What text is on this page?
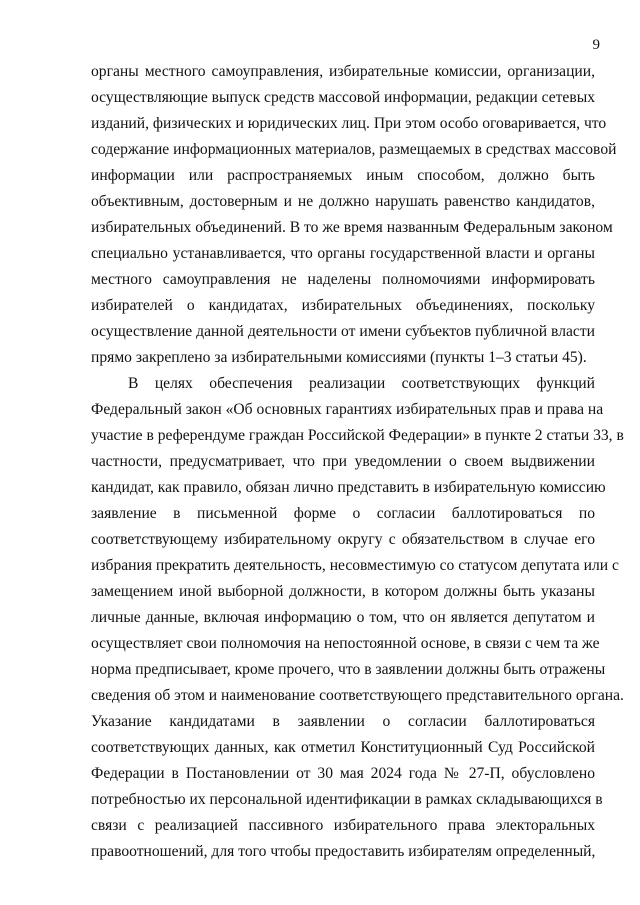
9
органы местного самоуправления, избирательные комиссии, организации,
осуществляющие выпуск средств массовой информации, редакции сетевых
изданий, физических и юридических лиц. При этом особо оговаривается, что
содержание информационных материалов, размещаемых в средствах массовой
информации или распространяемых иным способом, должно быть
объективным, достоверным и не должно нарушать равенство кандидатов,
избирательных объединений. В то же время названным Федеральным законом
специально устанавливается, что органы государственной власти и органы
местного самоуправления не наделены полномочиями информировать
избирателей о кандидатах, избирательных объединениях, поскольку
осуществление данной деятельности от имени субъектов публичной власти
прямо закреплено за избирательными комиссиями (пункты 1–3 статьи 45).
В целях обеспечения реализации соответствующих функций
Федеральный закон «Об основных гарантиях избирательных прав и права на
участие в референдуме граждан Российской Федерации» в пункте 2 статьи 33, в
частности, предусматривает, что при уведомлении о своем выдвижении
кандидат, как правило, обязан лично представить в избирательную комиссию
заявление в письменной форме о согласии баллотироваться по
соответствующему избирательному округу с обязательством в случае его
избрания прекратить деятельность, несовместимую со статусом депутата или с
замещением иной выборной должности, в котором должны быть указаны
личные данные, включая информацию о том, что он является депутатом и
осуществляет свои полномочия на непостоянной основе, в связи с чем та же
норма предписывает, кроме прочего, что в заявлении должны быть отражены
сведения об этом и наименование соответствующего представительного органа.
Указание кандидатами в заявлении о согласии баллотироваться
соответствующих данных, как отметил Конституционный Суд Российской
Федерации в Постановлении от 30 мая 2024 года № 27-П, обусловлено
потребностью их персональной идентификации в рамках складывающихся в
связи с реализацией пассивного избирательного права электоральных
правоотношений, для того чтобы предоставить избирателям определенный,
